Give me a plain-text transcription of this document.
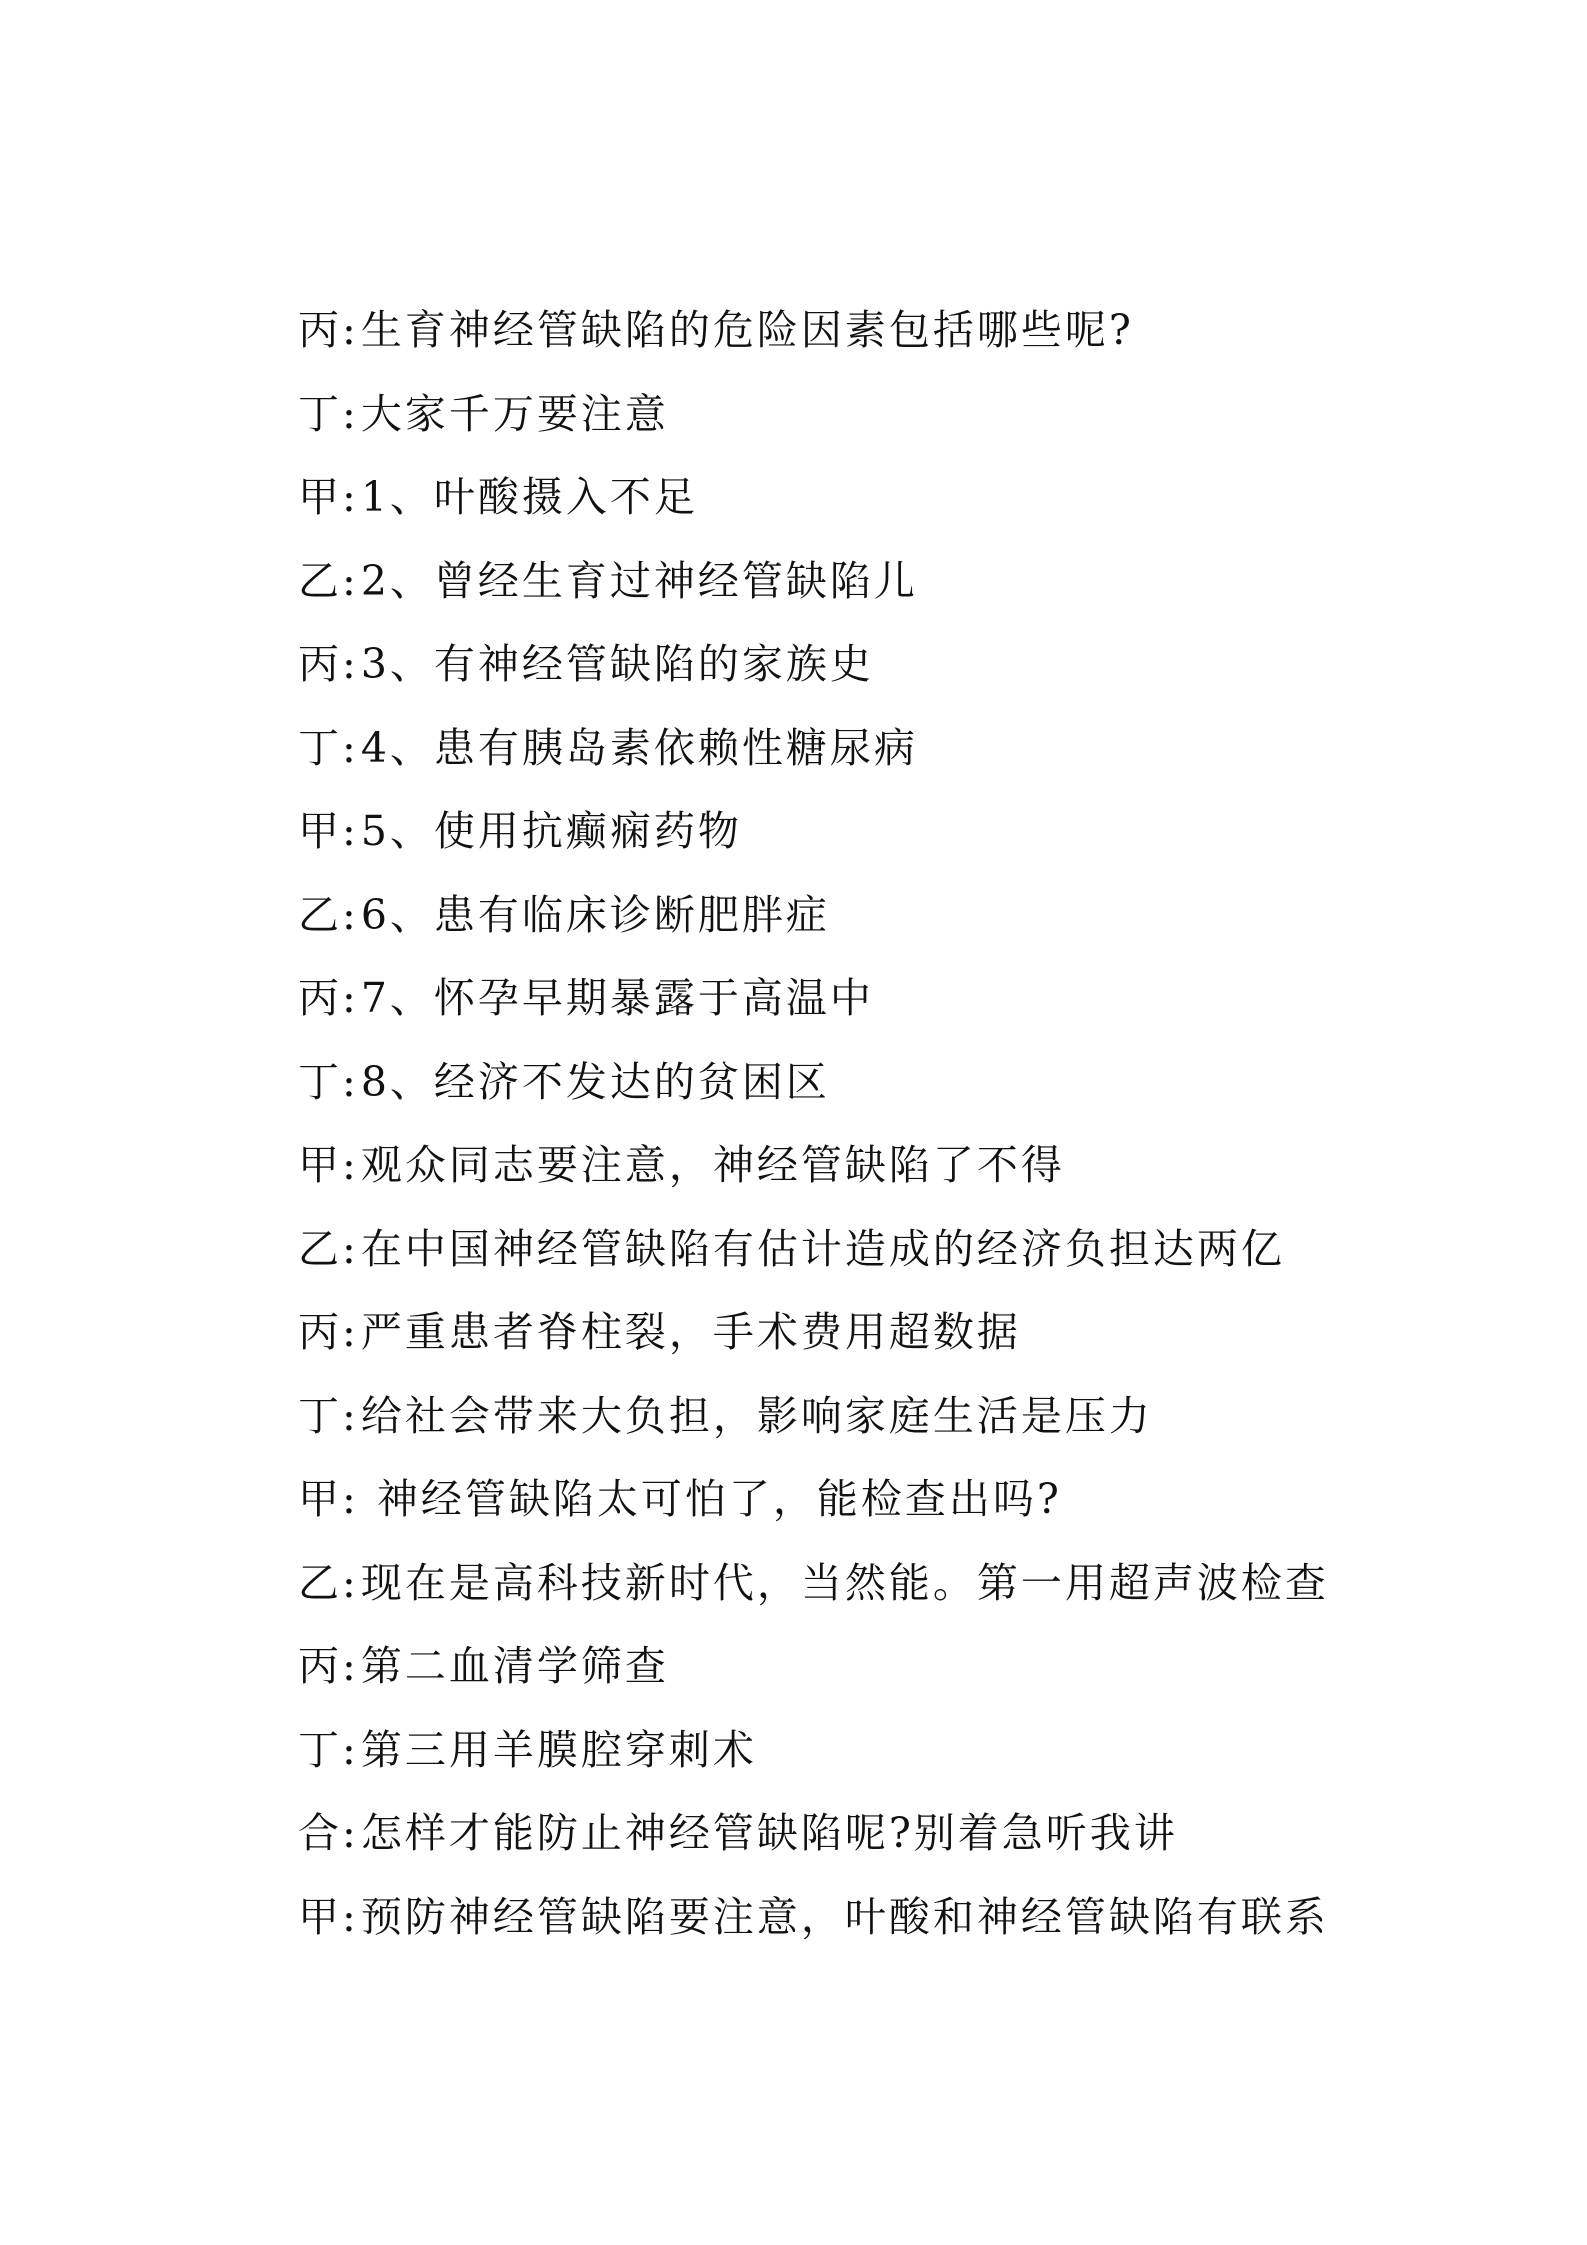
丙:生育神经管缺陷的危险因素包括哪些呢?
丁:大家千万要注意
甲:1、叶酸摄入不足
乙:2、曾经生育过神经管缺陷儿
丙:3、有神经管缺陷的家族史
丁:4、患有胰岛素依赖性糖尿病
甲:5、使用抗癫痫药物
乙:6、患有临床诊断肥胖症
丙:7、怀孕早期暴露于高温中
丁:8、经济不发达的贫困区
甲:观众同志要注意，神经管缺陷了不得
乙:在中国神经管缺陷有估计造成的经济负担达两亿
丙:严重患者脊柱裂，手术费用超数据
丁:给社会带来大负担，影响家庭生活是压力
甲: 神经管缺陷太可怕了，能检查出吗?
乙:现在是高科技新时代，当然能。第一用超声波检查
丙:第二血清学筛查
丁:第三用羊膜腔穿刺术
合:怎样才能防止神经管缺陷呢?别着急听我讲
甲:预防神经管缺陷要注意，叶酸和神经管缺陷有联系
